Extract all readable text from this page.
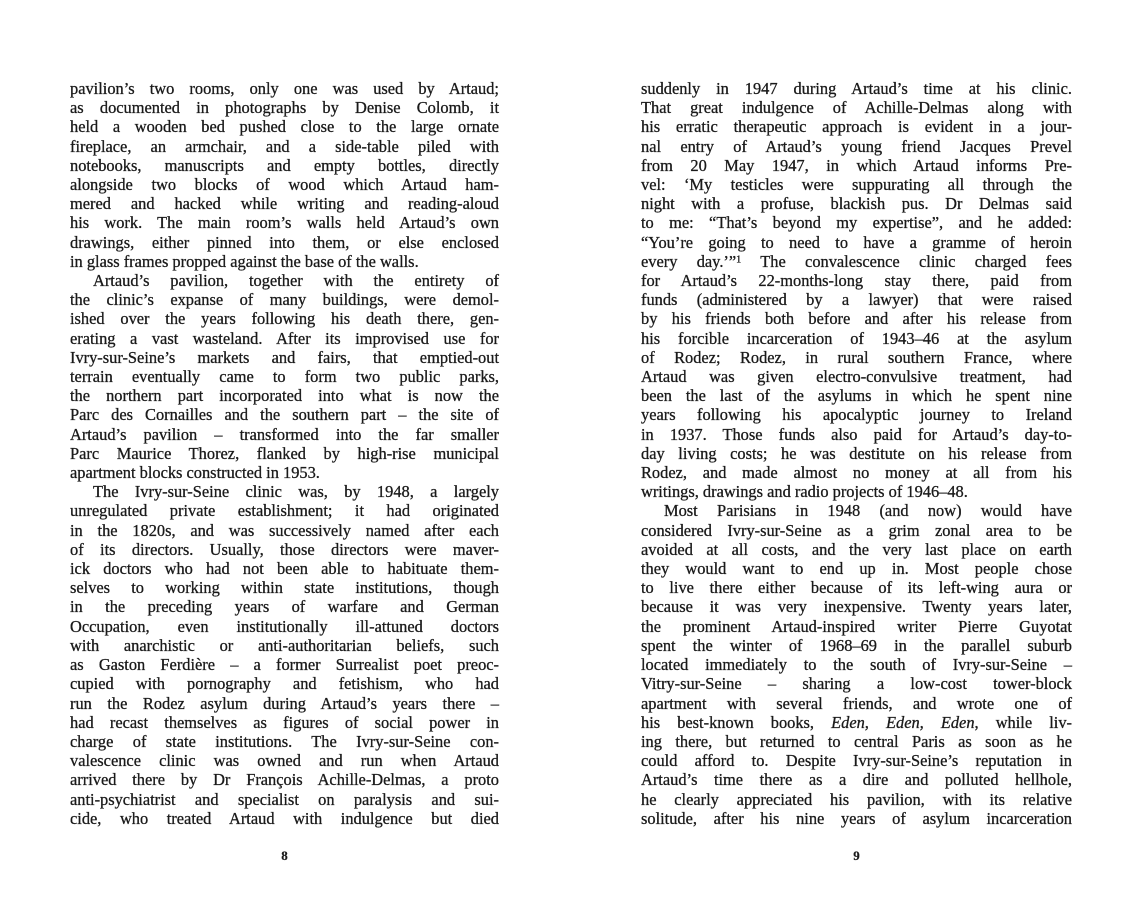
pavilion’s two rooms, only one was used by Artaud;
as documented in photographs by Denise Colomb, it
held a wooden bed pushed close to the large ornate
fireplace, an armchair, and a side-table piled with
notebooks, manuscripts and empty bottles, directly
alongside two blocks of wood which Artaud ham-
mered and hacked while writing and reading-aloud
his work. The main room’s walls held Artaud’s own
drawings, either pinned into them, or else enclosed
in glass frames propped against the base of the walls.
Artaud’s pavilion, together with the entirety of
the clinic’s expanse of many buildings, were demol-
ished over the years following his death there, gen-
erating a vast wasteland. After its improvised use for
Ivry-sur-Seine’s markets and fairs, that emptied-out
terrain eventually came to form two public parks,
the northern part incorporated into what is now the
Parc des Cornailles and the southern part – the site of
Artaud’s pavilion – transformed into the far smaller
Parc Maurice Thorez, flanked by high-rise municipal
apartment blocks constructed in 1953.
The Ivry-sur-Seine clinic was, by 1948, a largely
unregulated private establishment; it had originated
in the 1820s, and was successively named after each
of its directors. Usually, those directors were maver-
ick doctors who had not been able to habituate them-
selves to working within state institutions, though
in the preceding years of warfare and German
Occupation, even institutionally ill-attuned doctors
with anarchistic or anti-authoritarian beliefs, such
as Gaston Ferdière – a former Surrealist poet preoc-
cupied with pornography and fetishism, who had
run the Rodez asylum during Artaud’s years there –
had recast themselves as figures of social power in
charge of state institutions. The Ivry-sur-Seine con-
valescence clinic was owned and run when Artaud
arrived there by Dr François Achille-Delmas, a proto
anti-psychiatrist and specialist on paralysis and sui-
cide, who treated Artaud with indulgence but died
8
suddenly in 1947 during Artaud’s time at his clinic.
That great indulgence of Achille-Delmas along with
his erratic therapeutic approach is evident in a jour-
nal entry of Artaud’s young friend Jacques Prevel
from 20 May 1947, in which Artaud informs Pre-
vel: ‘My testicles were suppurating all through the
night with a profuse, blackish pus. Dr Delmas said
to me: “That’s beyond my expertise”, and he added:
“You’re going to need to have a gramme of heroin
every day.’”$^1$ The convalescence clinic charged fees
for Artaud’s 22-months-long stay there, paid from
funds (administered by a lawyer) that were raised
by his friends both before and after his release from
his forcible incarceration of 1943–46 at the asylum
of Rodez; Rodez, in rural southern France, where
Artaud was given electro-convulsive treatment, had
been the last of the asylums in which he spent nine
years following his apocalyptic journey to Ireland
in 1937. Those funds also paid for Artaud’s day-to-
day living costs; he was destitute on his release from
Rodez, and made almost no money at all from his
writings, drawings and radio projects of 1946–48.
Most Parisians in 1948 (and now) would have
considered Ivry-sur-Seine as a grim zonal area to be
avoided at all costs, and the very last place on earth
they would want to end up in. Most people chose
to live there either because of its left-wing aura or
because it was very inexpensive. Twenty years later,
the prominent Artaud-inspired writer Pierre Guyotat
spent the winter of 1968–69 in the parallel suburb
located immediately to the south of Ivry-sur-Seine –
Vitry-sur-Seine – sharing a low-cost tower-block
apartment with several friends, and wrote one of
his best-known books, Eden, Eden, Eden, while liv-
ing there, but returned to central Paris as soon as he
could afford to. Despite Ivry-sur-Seine’s reputation in
Artaud’s time there as a dire and polluted hellhole,
he clearly appreciated his pavilion, with its relative
solitude, after his nine years of asylum incarceration
9
